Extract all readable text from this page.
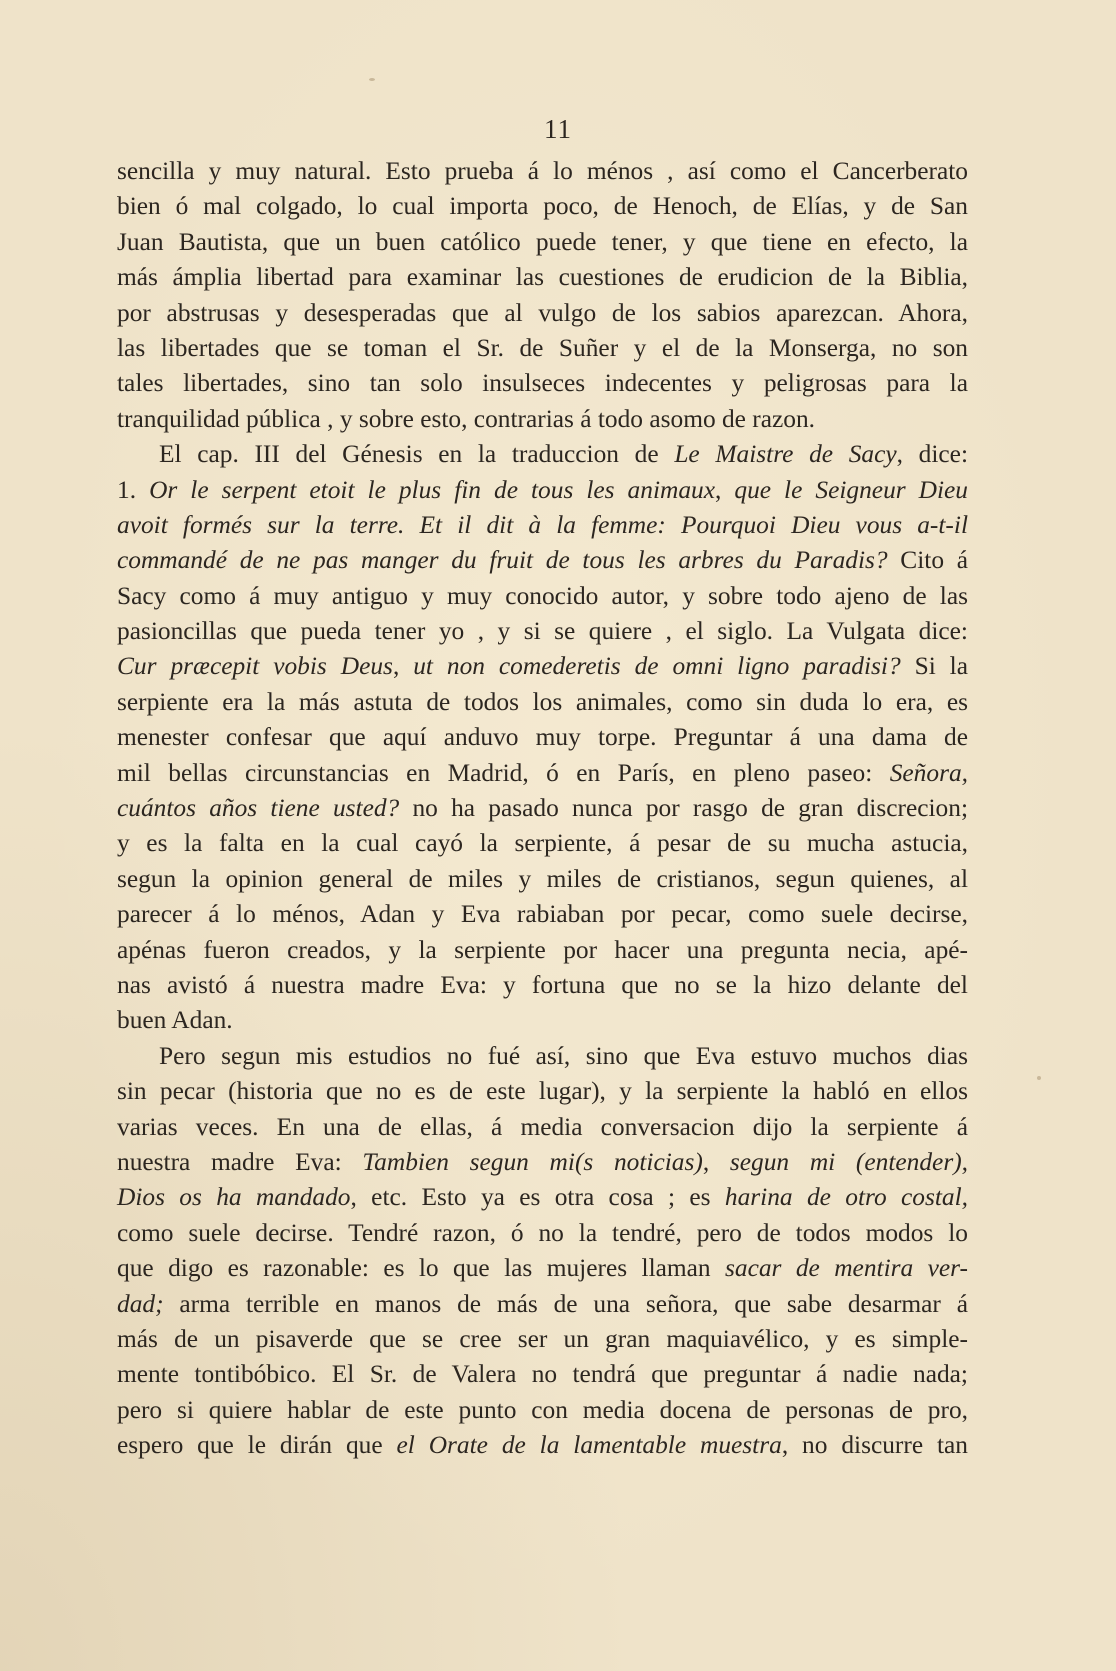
11
sencilla y muy natural. Esto prueba á lo ménos , así como el Cancerberato
bien ó mal colgado, lo cual importa poco, de Henoch, de Elías, y de San
Juan Bautista, que un buen católico puede tener, y que tiene en efecto, la
más ámplia libertad para examinar las cuestiones de erudicion de la Biblia,
por abstrusas y desesperadas que al vulgo de los sabios aparezcan. Ahora,
las libertades que se toman el Sr. de Suñer y el de la Monserga, no son
tales libertades, sino tan solo insulseces indecentes y peligrosas para la
tranquilidad pública , y sobre esto, contrarias á todo asomo de razon.
El cap. III del Génesis en la traduccion de Le Maistre de Sacy, dice:
1. Or le serpent etoit le plus fin de tous les animaux, que le Seigneur Dieu
avoit formés sur la terre. Et il dit à la femme: Pourquoi Dieu vous a-t-il
commandé de ne pas manger du fruit de tous les arbres du Paradis? Cito á
Sacy como á muy antiguo y muy conocido autor, y sobre todo ajeno de las
pasioncillas que pueda tener yo , y si se quiere , el siglo. La Vulgata dice:
Cur præcepit vobis Deus, ut non comederetis de omni ligno paradisi? Si la
serpiente era la más astuta de todos los animales, como sin duda lo era, es
menester confesar que aquí anduvo muy torpe. Preguntar á una dama de
mil bellas circunstancias en Madrid, ó en París, en pleno paseo: Señora,
cuántos años tiene usted? no ha pasado nunca por rasgo de gran discrecion;
y es la falta en la cual cayó la serpiente, á pesar de su mucha astucia,
segun la opinion general de miles y miles de cristianos, segun quienes, al
parecer á lo ménos, Adan y Eva rabiaban por pecar, como suele decirse,
apénas fueron creados, y la serpiente por hacer una pregunta necia, apé-
nas avistó á nuestra madre Eva: y fortuna que no se la hizo delante del
buen Adan.
Pero segun mis estudios no fué así, sino que Eva estuvo muchos dias
sin pecar (historia que no es de este lugar), y la serpiente la habló en ellos
varias veces. En una de ellas, á media conversacion dijo la serpiente á
nuestra madre Eva: Tambien segun mi(s noticias), segun mi (entender),
Dios os ha mandado, etc. Esto ya es otra cosa ; es harina de otro costal,
como suele decirse. Tendré razon, ó no la tendré, pero de todos modos lo
que digo es razonable: es lo que las mujeres llaman sacar de mentira ver-
dad; arma terrible en manos de más de una señora, que sabe desarmar á
más de un pisaverde que se cree ser un gran maquiavélico, y es simple-
mente tontibóbico. El Sr. de Valera no tendrá que preguntar á nadie nada;
pero si quiere hablar de este punto con media docena de personas de pro,
espero que le dirán que el Orate de la lamentable muestra, no discurre tan
